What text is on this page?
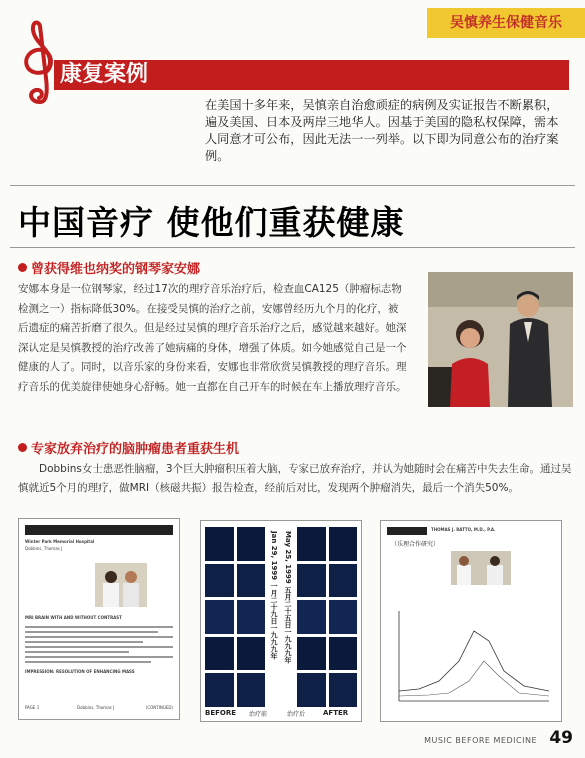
吴慎养生保健音乐
康复案例
在美国十多年来，吴慎亲自治愈顽症的病例及实证报告不断累积，遍及美国、日本及两岸三地华人。因基于美国的隐私权保障，需本人同意才可公布，因此无法一一列举。以下即为同意公布的治疗案例。
中国音疗 使他们重获健康
曾获得维也纳奖的钢琴家安娜
安娜本身是一位钢琴家，经过17次的理疗音乐治疗后，检查血CA125（肿瘤标志物检测之一）指标降低30%。在接受吴慎的治疗之前，安娜曾经历九个月的化疗，被后遗症的痛苦折磨了很久。但是经过吴慎的理疗音乐治疗之后，感觉越来越好。她深深认定是吴慎教授的治疗改善了她病痛的身体，增强了体质。如今她感觉自己是一个健康的人了。同时，以音乐家的身份来看，安娜也非常欣赏吴慎教授的理疗音乐。理疗音乐的优美旋律使她身心舒畅。她一直都在自己开车的时候在车上播放理疗音乐。
专家放弃治疗的脑肿瘤患者重获生机
Dobbins女士患恶性脑瘤，3个巨大肿瘤积压着大脑，专家已放弃治疗，并认为她随时会在痛苦中失去生命。通过吴慎就近5个月的理疗，做MRI（核磁共振）报告检查，经前后对比，发现两个肿瘤消失，最后一个消失50%。
Winter Park Memorial Hospital
Dobbins, Thomas J
MRI BRAIN WITH AND WITHOUT CONTRAST
IMPRESSION: RESOLUTION OF ENHANCING MASS
PAGE 1	Dobbins, Thomas J	(CONTINUED)
Jan 29, 1999 一月二十九日一九九九年 May 25, 1999 五月二十五日一九九九年
BEFORE 治疗前	治疗后	AFTER
THOMAS J. RATTO, M.D., P.A.
（乐理合作研究）
MUSIC BEFORE MEDICINE 49
